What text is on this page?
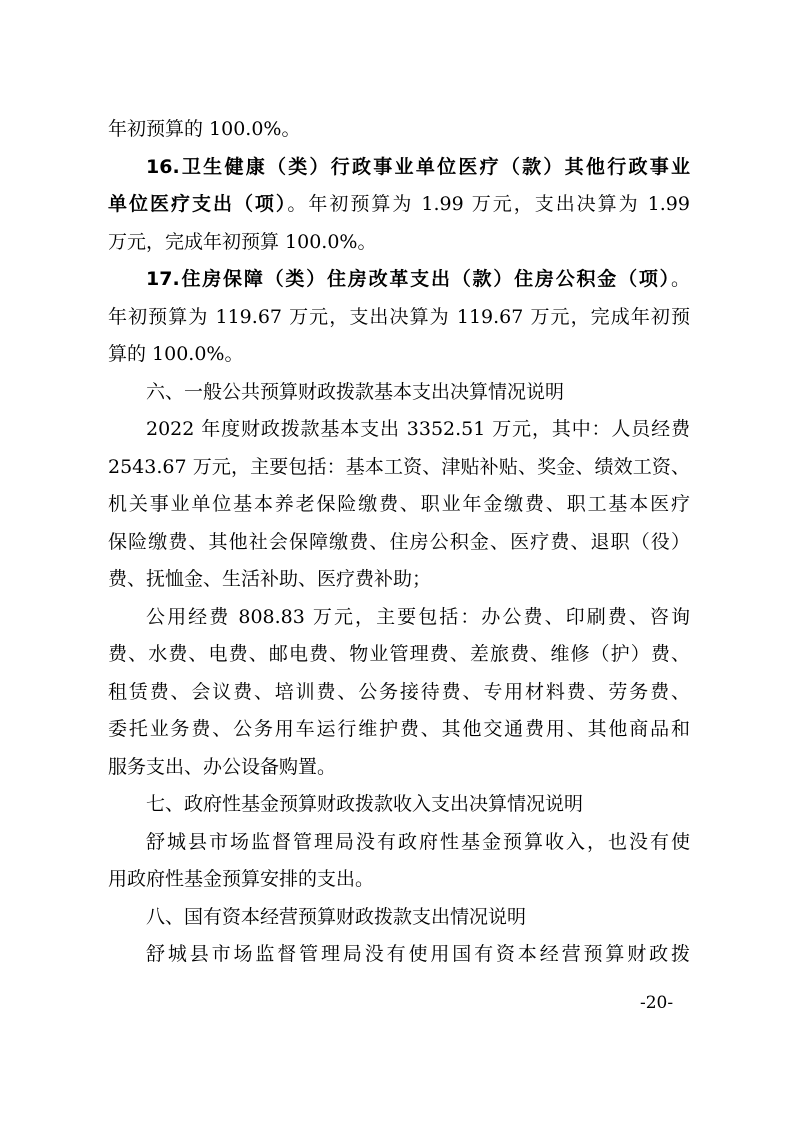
年初预算的 100.0%。
16.卫生健康（类）行政事业单位医疗（款）其他行政事业
单位医疗支出（项）。年初预算为 1.99 万元，支出决算为 1.99
万元，完成年初预算 100.0%。
17.住房保障（类）住房改革支出（款）住房公积金（项）。
年初预算为 119.67 万元，支出决算为 119.67 万元，完成年初预
算的 100.0%。
六、一般公共预算财政拨款基本支出决算情况说明
2022 年度财政拨款基本支出 3352.51 万元，其中：人员经费
2543.67 万元，主要包括：基本工资、津贴补贴、奖金、绩效工资、
机关事业单位基本养老保险缴费、职业年金缴费、职工基本医疗
保险缴费、其他社会保障缴费、住房公积金、医疗费、退职（役）
费、抚恤金、生活补助、医疗费补助；
公用经费 808.83 万元，主要包括：办公费、印刷费、咨询
费、水费、电费、邮电费、物业管理费、差旅费、维修（护）费、
租赁费、会议费、培训费、公务接待费、专用材料费、劳务费、
委托业务费、公务用车运行维护费、其他交通费用、其他商品和
服务支出、办公设备购置。
七、政府性基金预算财政拨款收入支出决算情况说明
舒城县市场监督管理局没有政府性基金预算收入，也没有使
用政府性基金预算安排的支出。
八、国有资本经营预算财政拨款支出情况说明
舒城县市场监督管理局没有使用国有资本经营预算财政拨
-20-
